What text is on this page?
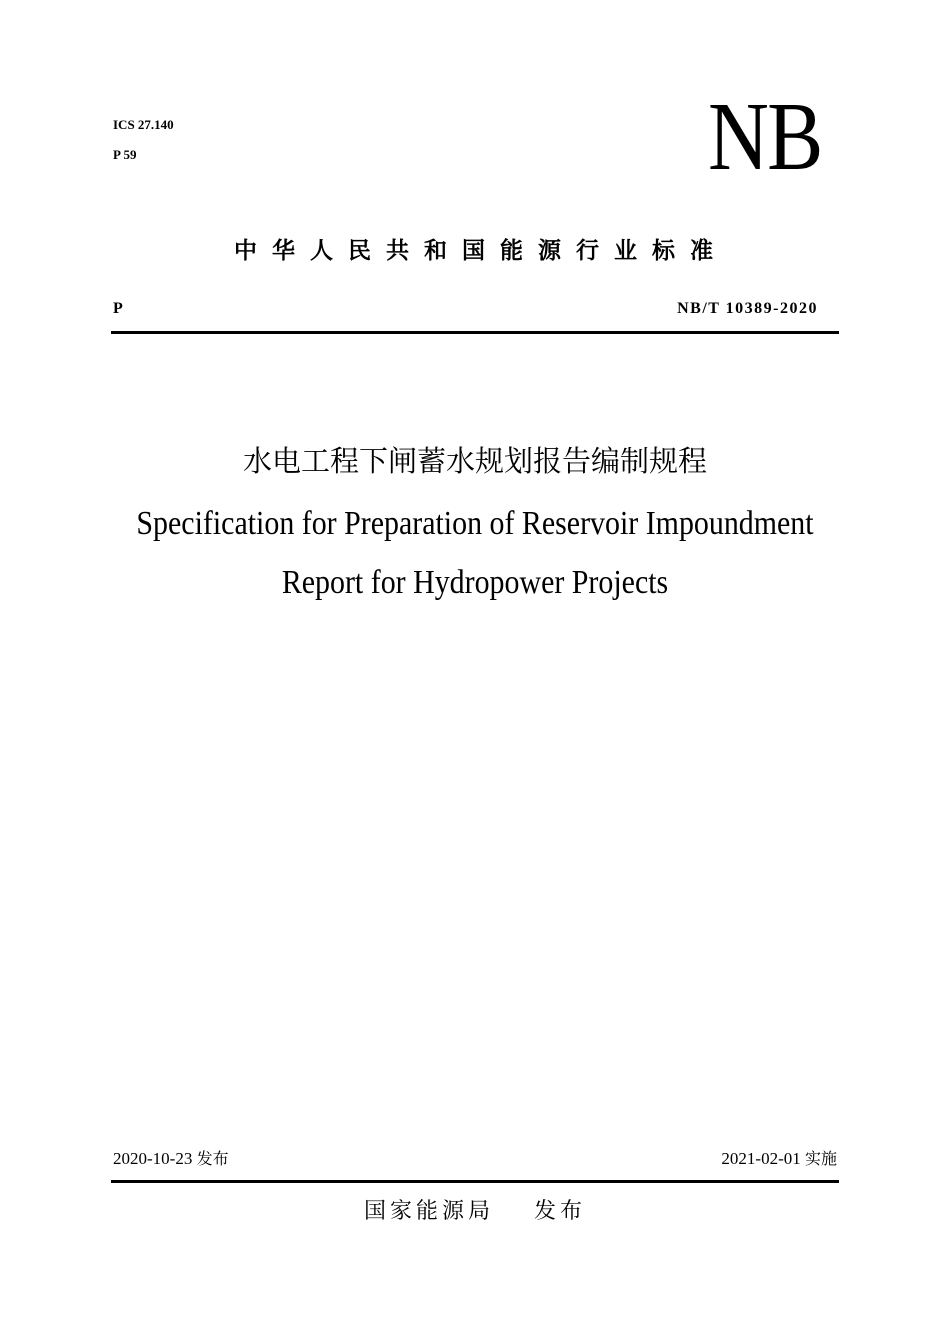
ICS 27.140
P 59	NB
中华人民共和国能源行业标准
P	NB/T 10389-2020
水电工程下闸蓄水规划报告编制规程
Specification for Preparation of Reservoir Impoundment
Report for Hydropower Projects
2020-10-23 发布	2021-02-01 实施
国家能源局 发布
